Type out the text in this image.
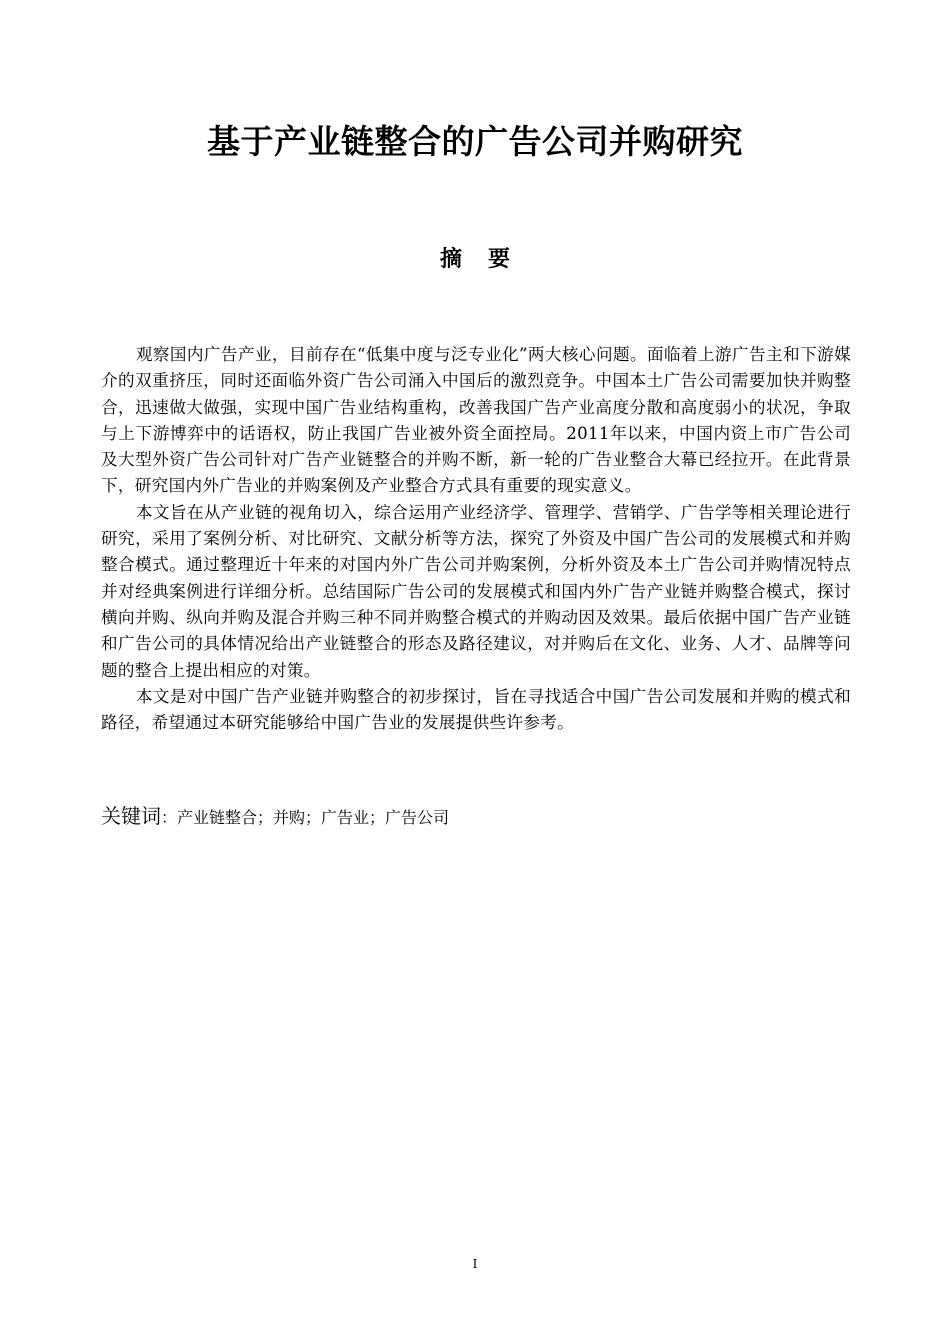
基于产业链整合的广告公司并购研究
摘 要

观察国内广告产业，目前存在“低集中度与泛专业化”两大核心问题。面临着上游广告主和下游媒介的双重挤压，同时还面临外资广告公司涌入中国后的激烈竞争。中国本土广告公司需要加快并购整合，迅速做大做强，实现中国广告业结构重构，改善我国广告产业高度分散和高度弱小的状况，争取与上下游博弈中的话语权，防止我国广告业被外资全面控局。2011年以来，中国内资上市广告公司及大型外资广告公司针对广告产业链整合的并购不断，新一轮的广告业整合大幕已经拉开。在此背景下，研究国内外广告业的并购案例及产业整合方式具有重要的现实意义。

本文旨在从产业链的视角切入，综合运用产业经济学、管理学、营销学、广告学等相关理论进行研究，采用了案例分析、对比研究、文献分析等方法，探究了外资及中国广告公司的发展模式和并购整合模式。通过整理近十年来的对国内外广告公司并购案例，分析外资及本土广告公司并购情况特点并对经典案例进行详细分析。总结国际广告公司的发展模式和国内外广告产业链并购整合模式，探讨横向并购、纵向并购及混合并购三种不同并购整合模式的并购动因及效果。最后依据中国广告产业链和广告公司的具体情况给出产业链整合的形态及路径建议，对并购后在文化、业务、人才、品牌等问题的整合上提出相应的对策。

本文是对中国广告产业链并购整合的初步探讨，旨在寻找适合中国广告公司发展和并购的模式和路径，希望通过本研究能够给中国广告业的发展提供些许参考。

关键词：产业链整合；并购；广告业；广告公司
I
